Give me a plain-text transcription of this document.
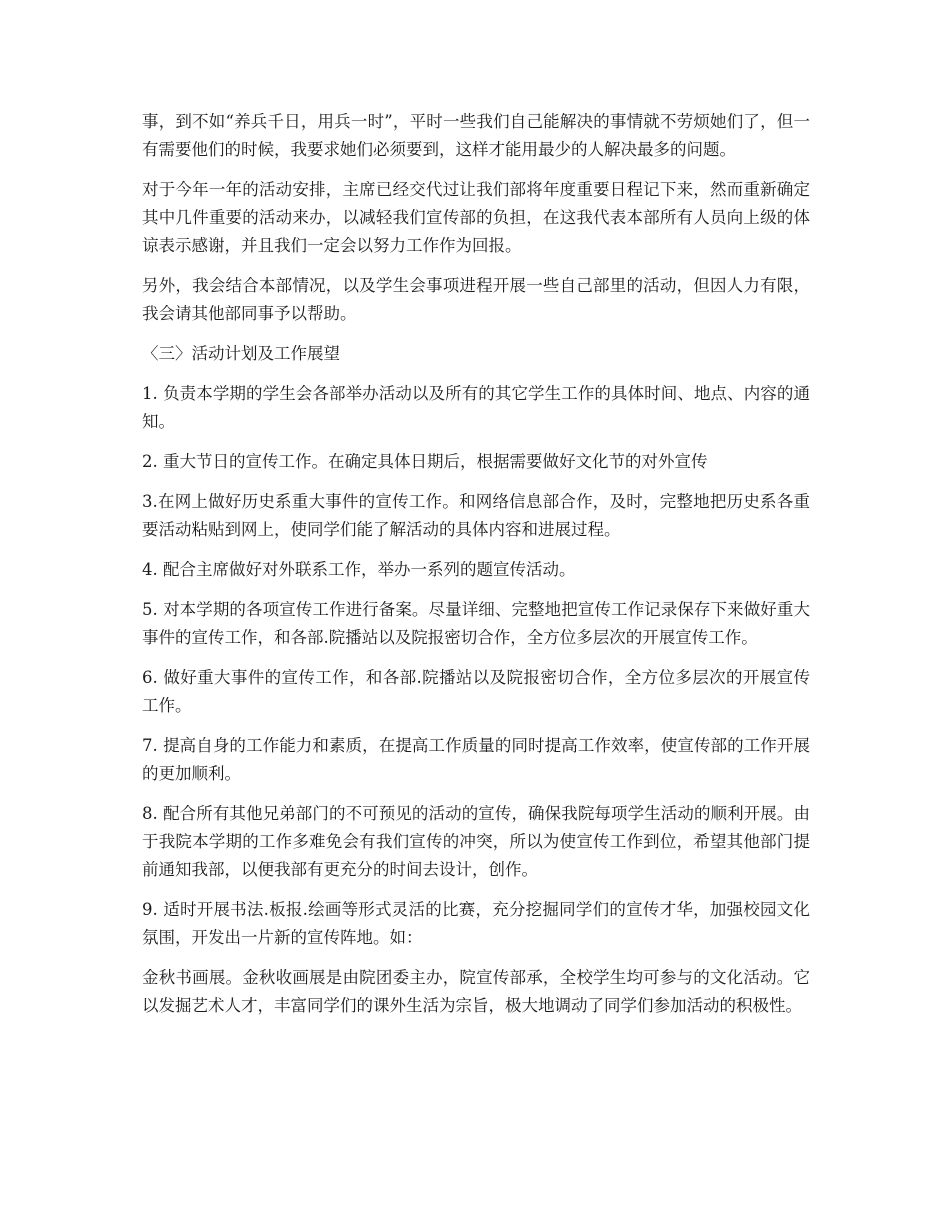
事，到不如“养兵千日，用兵一时”，平时一些我们自己能解决的事情就不劳烦她们了，但一有需要他们的时候，我要求她们必须要到，这样才能用最少的人解决最多的问题。

对于今年一年的活动安排，主席已经交代过让我们部将年度重要日程记下来，然而重新确定其中几件重要的活动来办，以减轻我们宣传部的负担，在这我代表本部所有人员向上级的体谅表示感谢，并且我们一定会以努力工作作为回报。

另外，我会结合本部情况，以及学生会事项进程开展一些自己部里的活动，但因人力有限，我会请其他部同事予以帮助。

〈三〉活动计划及工作展望

1. 负责本学期的学生会各部举办活动以及所有的其它学生工作的具体时间、地点、内容的通知。

2. 重大节日的宣传工作。在确定具体日期后，根据需要做好文化节的对外宣传

3.在网上做好历史系重大事件的宣传工作。和网络信息部合作，及时，完整地把历史系各重要活动粘贴到网上，使同学们能了解活动的具体内容和进展过程。

4. 配合主席做好对外联系工作，举办一系列的题宣传活动。

5. 对本学期的各项宣传工作进行备案。尽量详细、完整地把宣传工作记录保存下来做好重大事件的宣传工作，和各部.院播站以及院报密切合作，全方位多层次的开展宣传工作。

6. 做好重大事件的宣传工作，和各部.院播站以及院报密切合作，全方位多层次的开展宣传工作。

7. 提高自身的工作能力和素质，在提高工作质量的同时提高工作效率，使宣传部的工作开展的更加顺利。

8. 配合所有其他兄弟部门的不可预见的活动的宣传，确保我院每项学生活动的顺利开展。由于我院本学期的工作多难免会有我们宣传的冲突，所以为使宣传工作到位，希望其他部门提前通知我部，以便我部有更充分的时间去设计，创作。

9. 适时开展书法.板报.绘画等形式灵活的比赛，充分挖掘同学们的宣传才华，加强校园文化氛围，开发出一片新的宣传阵地。如：

金秋书画展。金秋收画展是由院团委主办，院宣传部承，全校学生均可参与的文化活动。它以发掘艺术人才，丰富同学们的课外生活为宗旨，极大地调动了同学们参加活动的积极性。
